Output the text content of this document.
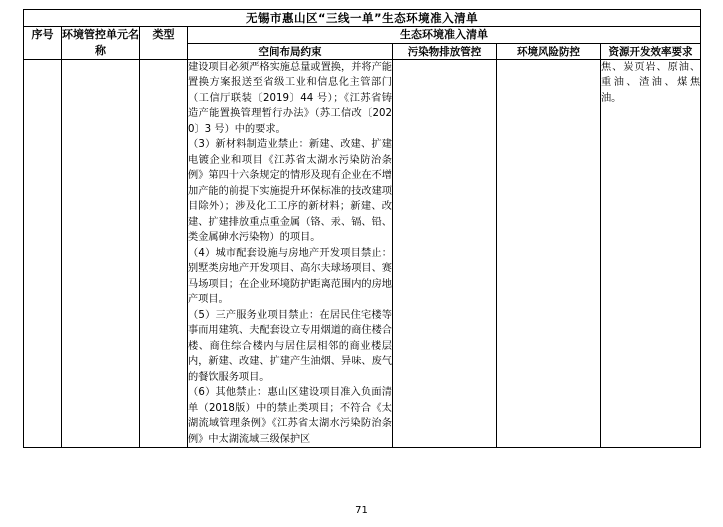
无锡市惠山区“三线一单”生态环境准入清单						
序号	环境管控单元名称	类型	生态环境准入清单			
			空间布局约束	污染物排放管控	环境风险防控	资源开发效率要求

			建设项目必须严格实施总量或置换，并将产能置换方案报送至省级工业和信息化主管部门（工信厅联装〔2019〕44 号）；《江苏省铸造产能置换管理暂行办法》（苏工信改〔2020〕3 号）中的要求。

（3）新材料制造业禁止：新建、改建、扩建电镀企业和项目《江苏省太湖水污染防治条例》第四十六条规定的情形及现有企业在不增加产能的前提下实施提升环保标准的技改建项目除外）；涉及化工工序的新材料；新建、改建、扩建排放重点重金属（铬、汞、镉、铅、类金属砷水污染物）的项目。

（4）城市配套设施与房地产开发项目禁止：别墅类房地产开发项目、高尔夫球场项目、赛马场项目；在企业环境防护距离范围内的房地产项目。

（5）三产服务业项目禁止：在居民住宅楼等事而用建筑、夫配套设立专用烟道的商住楼合楼、商住综合楼内与居住层相邻的商业楼层内，新建、改建、扩建产生油烟、异味、废气的餐饮服务项目。

（6）其他禁止：惠山区建设项目准入负面清单（2018版）中的禁止类项目；不符合《太湖流域管理条例》《江苏省太湖水污染防治条例》中太湖流域三级保护区			焦、炭页岩、原油、重油、渣油、煤焦油。
71
